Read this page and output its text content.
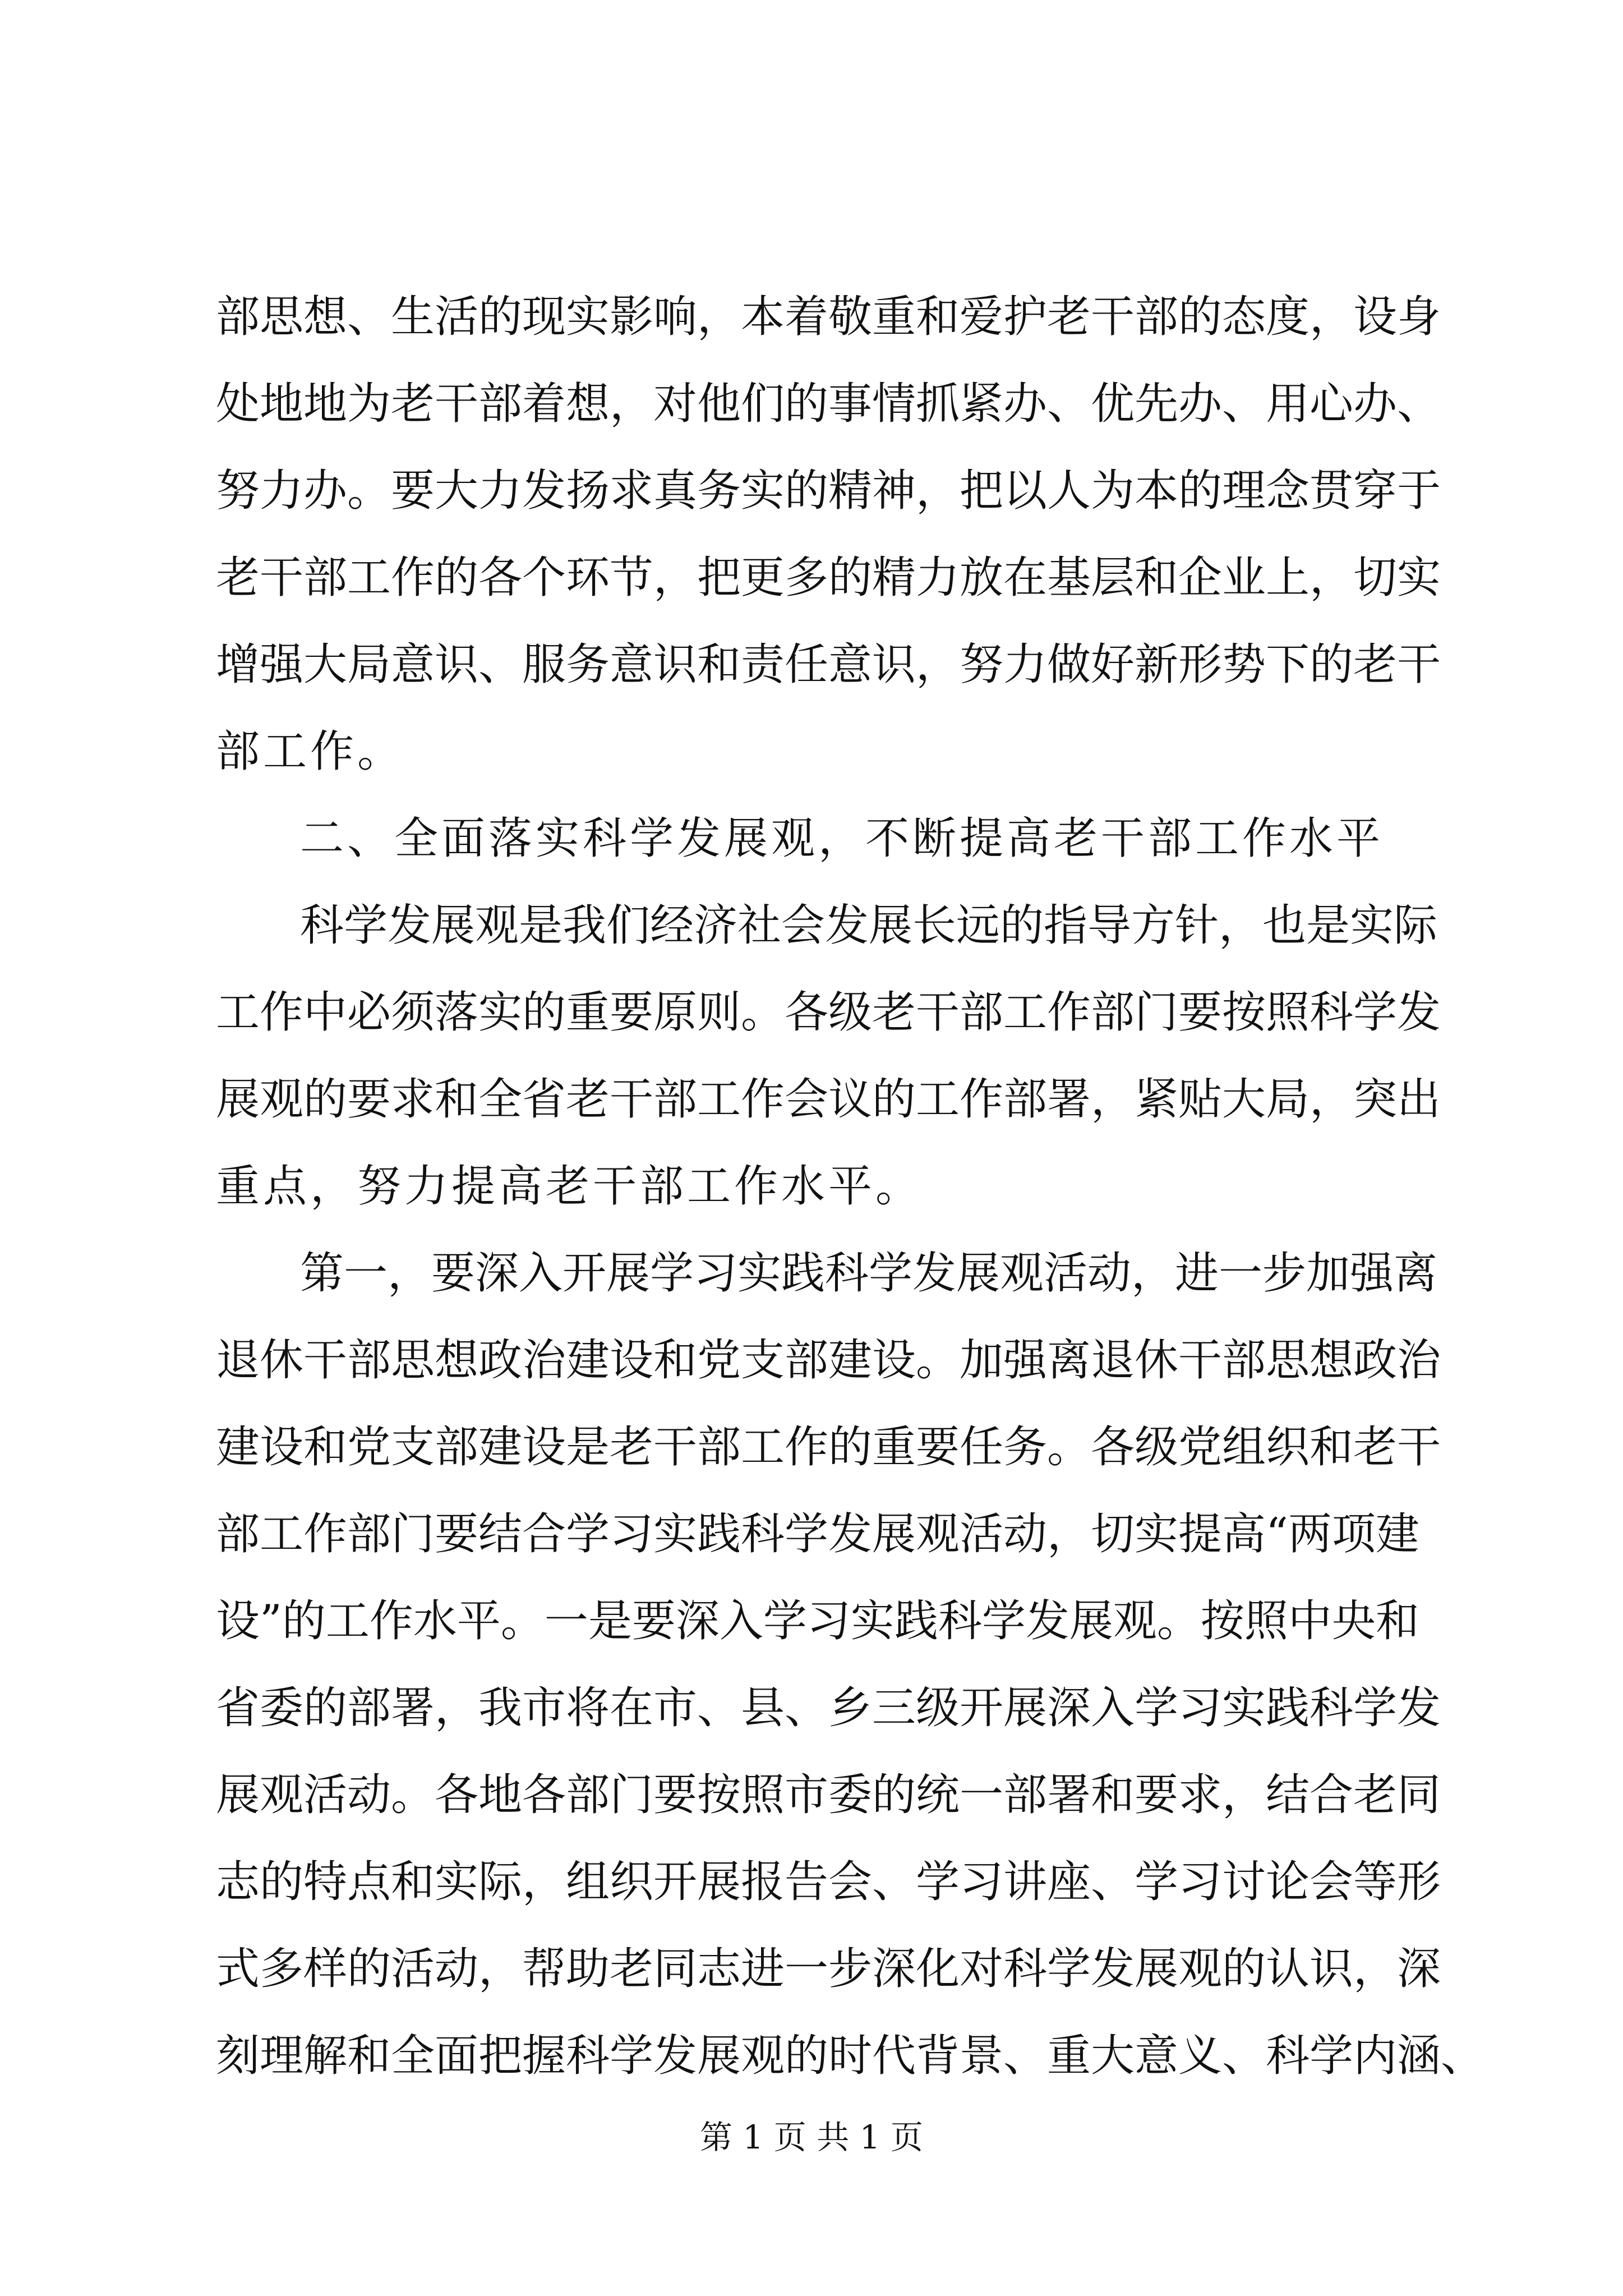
部思想、生活的现实影响，本着敬重和爱护老干部的态度，设身
处地地为老干部着想，对他们的事情抓紧办、优先办、用心办、
努力办。要大力发扬求真务实的精神，把以人为本的理念贯穿于
老干部工作的各个环节，把更多的精力放在基层和企业上，切实
增强大局意识、服务意识和责任意识，努力做好新形势下的老干
部工作。
二、全面落实科学发展观，不断提高老干部工作水平
科学发展观是我们经济社会发展长远的指导方针，也是实际
工作中必须落实的重要原则。各级老干部工作部门要按照科学发
展观的要求和全省老干部工作会议的工作部署，紧贴大局，突出
重点，努力提高老干部工作水平。
第一，要深入开展学习实践科学发展观活动，进一步加强离
退休干部思想政治建设和党支部建设。加强离退休干部思想政治
建设和党支部建设是老干部工作的重要任务。各级党组织和老干
部工作部门要结合学习实践科学发展观活动，切实提高“两项建
设”的工作水平。一是要深入学习实践科学发展观。按照中央和
省委的部署，我市将在市、县、乡三级开展深入学习实践科学发
展观活动。各地各部门要按照市委的统一部署和要求，结合老同
志的特点和实际，组织开展报告会、学习讲座、学习讨论会等形
式多样的活动，帮助老同志进一步深化对科学发展观的认识，深
刻理解和全面把握科学发展观的时代背景、重大意义、科学内涵、
第 1 页 共 1 页
